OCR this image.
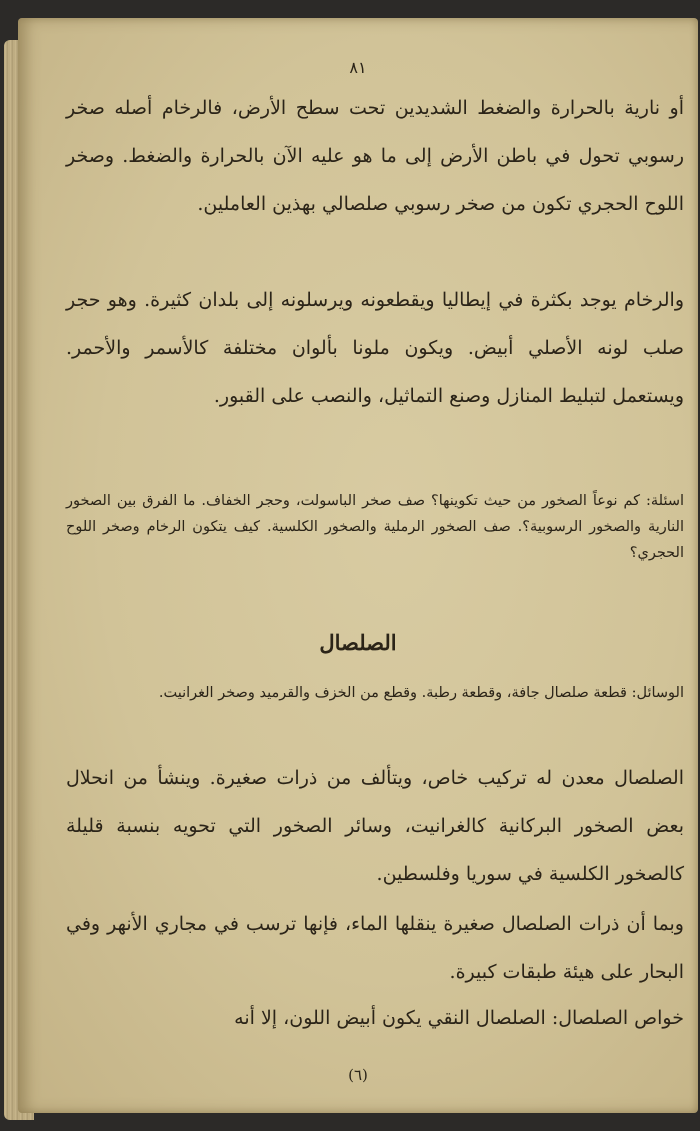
٨١

أو نارية بالحرارة والضغط الشديدين تحت سطح الأرض، فالرخام أصله صخر رسوبي تحول في باطن الأرض إلى ما هو عليه الآن بالحرارة والضغط. وصخر اللوح الحجري تكون من صخر رسوبي صلصالي بهذين العاملين.

والرخام يوجد بكثرة في إيطاليا ويقطعونه ويرسلونه إلى بلدان كثيرة. وهو حجر صلب لونه الأصلي أبيض. ويكون ملونا بألوان مختلفة كالأسمر والأحمر. ويستعمل لتبليط المنازل وصنع التماثيل، والنصب على القبور.

اسئلة: كم نوعاً الصخور من حيث تكوينها؟ صف صخر الباسولت، وحجر الخفاف. ما الفرق بين الصخور النارية والصخور الرسوبية؟. صف الصخور الرملية والصخور الكلسية. كيف يتكون الرخام وصخر اللوح الحجري؟

الصلصال

الوسائل: قطعة صلصال جافة، وقطعة رطبة. وقطع من الخزف والقرميد وصخر الغرانيت.

الصلصال معدن له تركيب خاص، ويتألف من ذرات صغيرة. وينشأ من انحلال بعض الصخور البركانية كالغرانيت، وسائر الصخور التي تحويه بنسبة قليلة كالصخور الكلسية في سوريا وفلسطين.

وبما أن ذرات الصلصال صغيرة ينقلها الماء، فإنها ترسب في مجاري الأنهر وفي البحار على هيئة طبقات كبيرة.

خواص الصلصال: الصلصال النقي يكون أبيض اللون، إلا أنه

(٦)
